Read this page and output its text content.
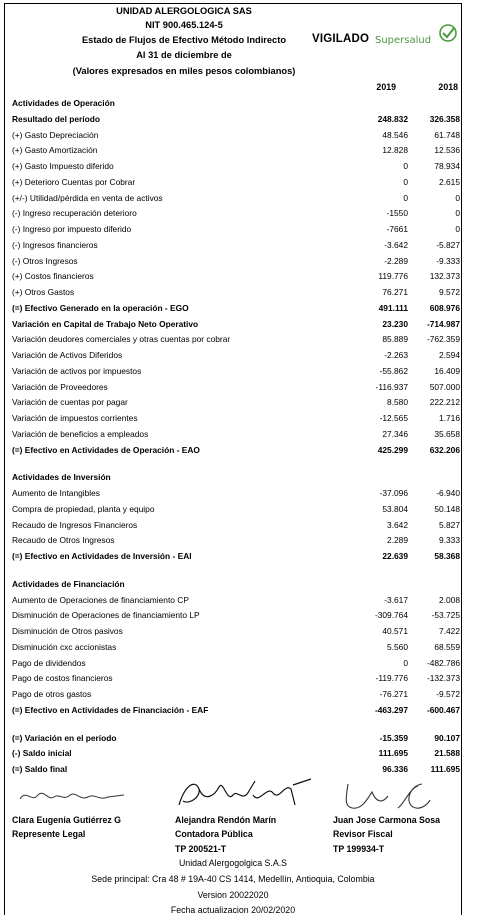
UNIDAD ALERGOLOGICA SAS
NIT 900.465.124-5
Estado de Flujos de Efectivo Método Indirecto
Al 31 de diciembre de
(Valores expresados en miles pesos colombianos)
VIGILADO Supersalud
2019	2018
Actividades de Operación
Resultado del período	248.832	326.358
(+) Gasto Depreciación	48.546	61.748
(+) Gasto Amortización	12.828	12.536
(+) Gasto Impuesto diferido	0	78.934
(+) Deterioro Cuentas por Cobrar	0	2.615
(+/-) Utilidad/pérdida en venta de activos	0	0
(-) Ingreso recuperación deterioro	-1550	0
(-) Ingreso por impuesto diferido	-7661	0
(-) Ingresos financieros	-3.642	-5.827
(-) Otros Ingresos	-2.289	-9.333
(+) Costos financieros	119.776	132.373
(+) Otros Gastos	76.271	9.572
(=) Efectivo Generado en la operación - EGO	491.111	608.976
Variación en Capital de Trabajo Neto Operativo	23.230 -714.987
Variación deudores comerciales y otras cuentas por cobrar	85.889 -762.359
Variación de Activos Diferidos	-2.263	2.594
Variación de activos por impuestos	-55.862	16.409
Variación de Proveedores	-116.937	507.000
Variación de cuentas por pagar	8.580	222.212
Variación de impuestos corrientes	-12.565	1.716
Variación de beneficios a empleados	27.346	35.658
(=) Efectivo en Actividades de Operación - EAO	425.299	632.206
Actividades de Inversión
Aumento de Intangibles	-37.096	-6.940
Compra de propiedad, planta y equipo	53.804	50.148
Recaudo de Ingresos Financieros	3.642	5.827
Recaudo de Otros Ingresos	2.289	9.333
(=) Efectivo en Actividades de Inversión - EAI	22.639	58.368
Actividades de Financiación
Aumento de Operaciones de financiamiento CP	-3.617	2.008
Disminución de Operaciones de financiamiento LP	-309.764	-53.725
Disminución de Otros pasivos	40.571	7.422
Disminución cxc accionistas	5.560	68.559
Pago de dividendos	0 -482.786
Pago de costos financieros	-119.776 -132.373
Pago de otros gastos	-76.271	-9.572
(=) Efectivo en Actividades de Financiación - EAF	-463.297 -600.467
(=) Variación en el período	-15.359	90.107
(-) Saldo inicial	111.695	21.588
(=) Saldo final	96.336	111.695
Clara Eugenia Gutiérrez G
Represente Legal
Alejandra Rendón Marín
Contadora Pública
TP 200521-T
Juan Jose Carmona Sosa
Revisor Fiscal
TP 199934-T
Unidad Alergogolgica S.A.S
Sede principal: Cra 48 # 19A-40 CS 1414, Medellín, Antioquia, Colombia
Version 20022020
Fecha actualizacion 20/02/2020
